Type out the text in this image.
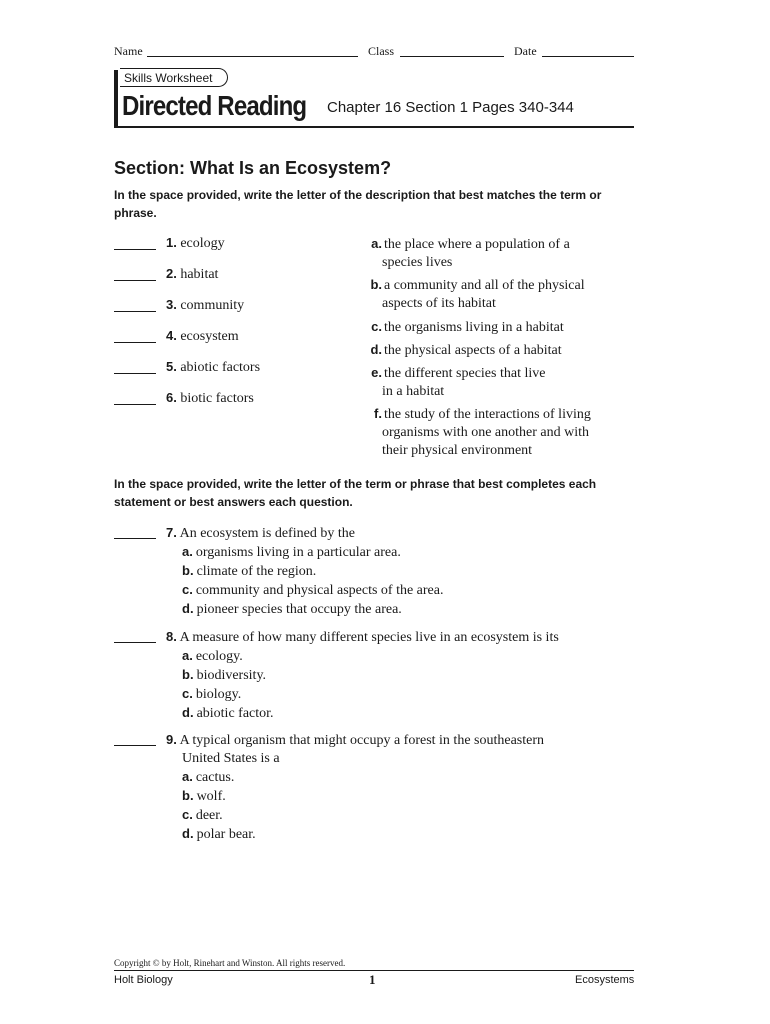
Name	Class	Date
Skills Worksheet
Directed Reading Chapter 16 Section 1 Pages 340-344
Section: What Is an Ecosystem?
In the space provided, write the letter of the description that best matches the term or phrase.
1. ecology
2. habitat
3. community
4. ecosystem
5. abiotic factors
6. biotic factors
a. the place where a population of a
species lives
b. a community and all of the physical
aspects of its habitat
c. the organisms living in a habitat
d. the physical aspects of a habitat
e. the different species that live
in a habitat
f. the study of the interactions of living
organisms with one another and with
their physical environment
In the space provided, write the letter of the term or phrase that best completes each statement or best answers each question.
7. An ecosystem is defined by the
a. organisms living in a particular area.
b. climate of the region.
c. community and physical aspects of the area.
d. pioneer species that occupy the area.
8. A measure of how many different species live in an ecosystem is its
a. ecology.
b. biodiversity.
c. biology.
d. abiotic factor.
9. A typical organism that might occupy a forest in the southeastern
United States is a
a. cactus.
b. wolf.
c. deer.
d. polar bear.
Copyright © by Holt, Rinehart and Winston. All rights reserved.
Holt Biology	1	Ecosystems
